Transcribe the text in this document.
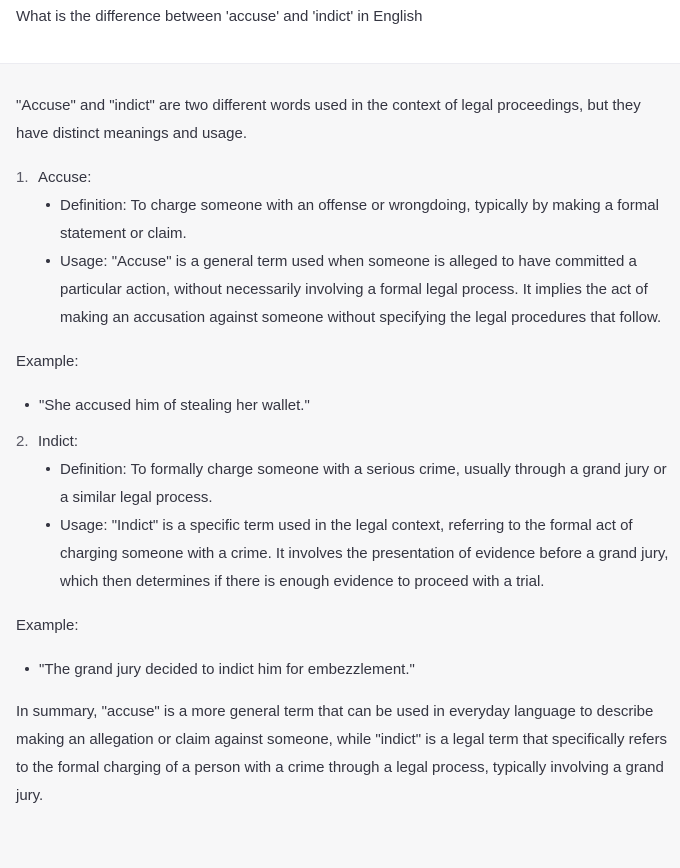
What is the difference between 'accuse' and 'indict' in English

"Accuse" and "indict" are two different words used in the context of legal proceedings, but they have distinct meanings and usage.

1. Accuse:
Definition: To charge someone with an offense or wrongdoing, typically by making a formal statement or claim.
Usage: "Accuse" is a general term used when someone is alleged to have committed a particular action, without necessarily involving a formal legal process. It implies the act of making an accusation against someone without specifying the legal procedures that follow.

Example:

"She accused him of stealing her wallet."
2. Indict:
Definition: To formally charge someone with a serious crime, usually through a grand jury or a similar legal process.
Usage: "Indict" is a specific term used in the legal context, referring to the formal act of charging someone with a crime. It involves the presentation of evidence before a grand jury, which then determines if there is enough evidence to proceed with a trial.

Example:

"The grand jury decided to indict him for embezzlement."

In summary, "accuse" is a more general term that can be used in everyday language to describe making an allegation or claim against someone, while "indict" is a legal term that specifically refers to the formal charging of a person with a crime through a legal process, typically involving a grand jury.
